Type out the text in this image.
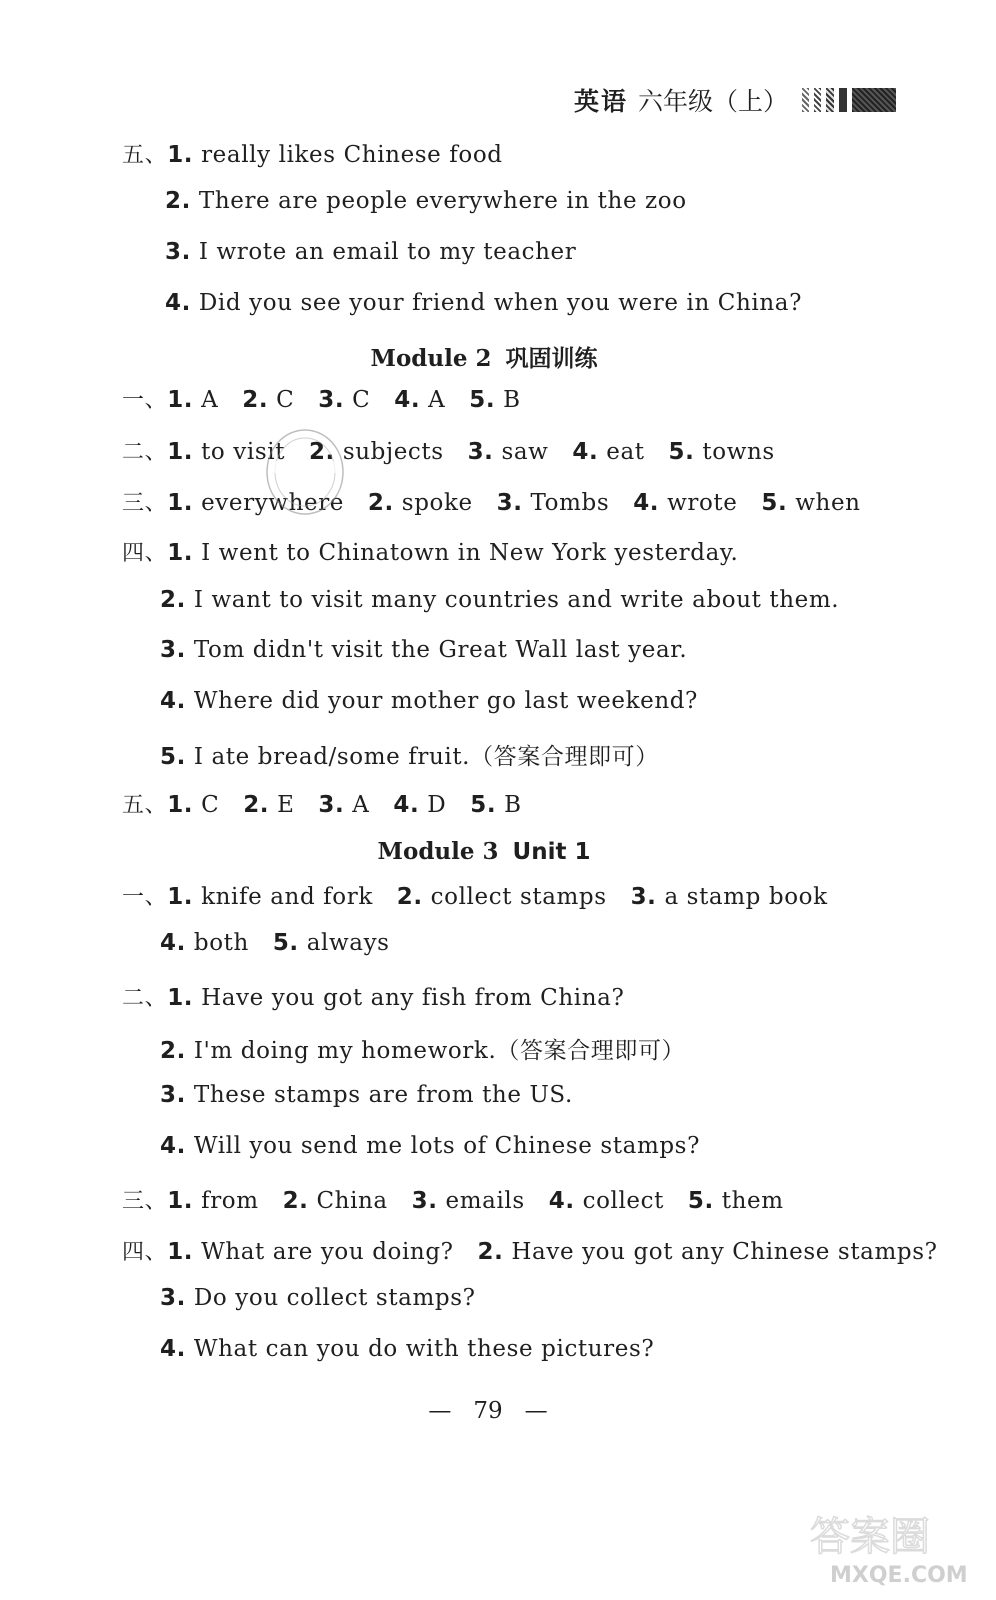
英语 六年级（上）
五、1. really likes Chinese food
2. There are people everywhere in the zoo
3. I wrote an email to my teacher
4. Did you see your friend when you were in China?
Module 2 巩固训练
一、1. A 2. C 3. C 4. A 5. B
二、1. to visit 2. subjects 3. saw 4. eat 5. towns
三、1. everywhere 2. spoke 3. Tombs 4. wrote 5. when
四、1. I went to Chinatown in New York yesterday.
2. I want to visit many countries and write about them.
3. Tom didn't visit the Great Wall last year.
4. Where did your mother go last weekend?
5. I ate bread/some fruit.（答案合理即可）
五、1. C 2. E 3. A 4. D 5. B
Module 3 Unit 1
一、1. knife and fork 2. collect stamps 3. a stamp book
4. both 5. always
二、1. Have you got any fish from China?
2. I'm doing my homework.（答案合理即可）
3. These stamps are from the US.
4. Will you send me lots of Chinese stamps?
三、1. from 2. China 3. emails 4. collect 5. them
四、1. What are you doing? 2. Have you got any Chinese stamps?
3. Do you collect stamps?
4. What can you do with these pictures?
—   79   —
答案圈
MXQE.COM
